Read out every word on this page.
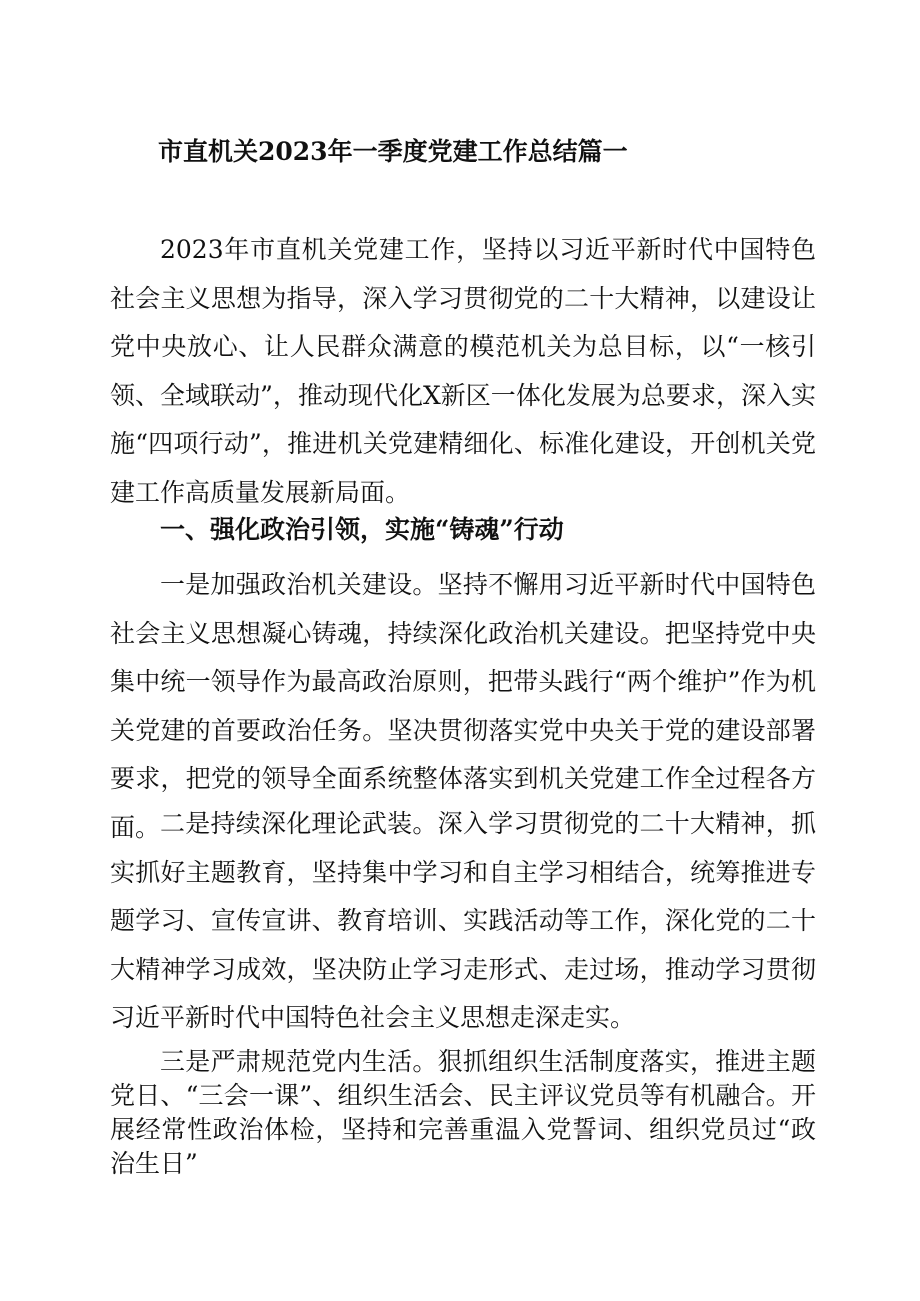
市直机关2023年一季度党建工作总结篇一

2023年市直机关党建工作，坚持以习近平新时代中国特色社会主义思想为指导，深入学习贯彻党的二十大精神，以建设让党中央放心、让人民群众满意的模范机关为总目标，以“一核引领、全域联动”，推动现代化X新区一体化发展为总要求，深入实施“四项行动”，推进机关党建精细化、标准化建设，开创机关党建工作高质量发展新局面。

一、强化政治引领，实施“铸魂”行动

一是加强政治机关建设。坚持不懈用习近平新时代中国特色社会主义思想凝心铸魂，持续深化政治机关建设。把坚持党中央集中统一领导作为最高政治原则，把带头践行“两个维护”作为机关党建的首要政治任务。坚决贯彻落实党中央关于党的建设部署要求，把党的领导全面系统整体落实到机关党建工作全过程各方面。 二是持续深化理论武装。深入学习贯彻党的二十大精神，抓实抓好主题教育，坚持集中学习和自主学习相结合，统筹推进专题学习、宣传宣讲、教育培训、实践活动等工作，深化党的二十大精神学习成效，坚决防止学习走形式、走过场，推动学习贯彻习近平新时代中国特色社会主义思想走深走实。

三是严肃规范党内生活。狠抓组织生活制度落实，推进主题党日、“三会一课”、组织生活会、民主评议党员等有机融合。开展经常性政治体检，坚持和完善重温入党誓词、组织党员过“政治生日”
